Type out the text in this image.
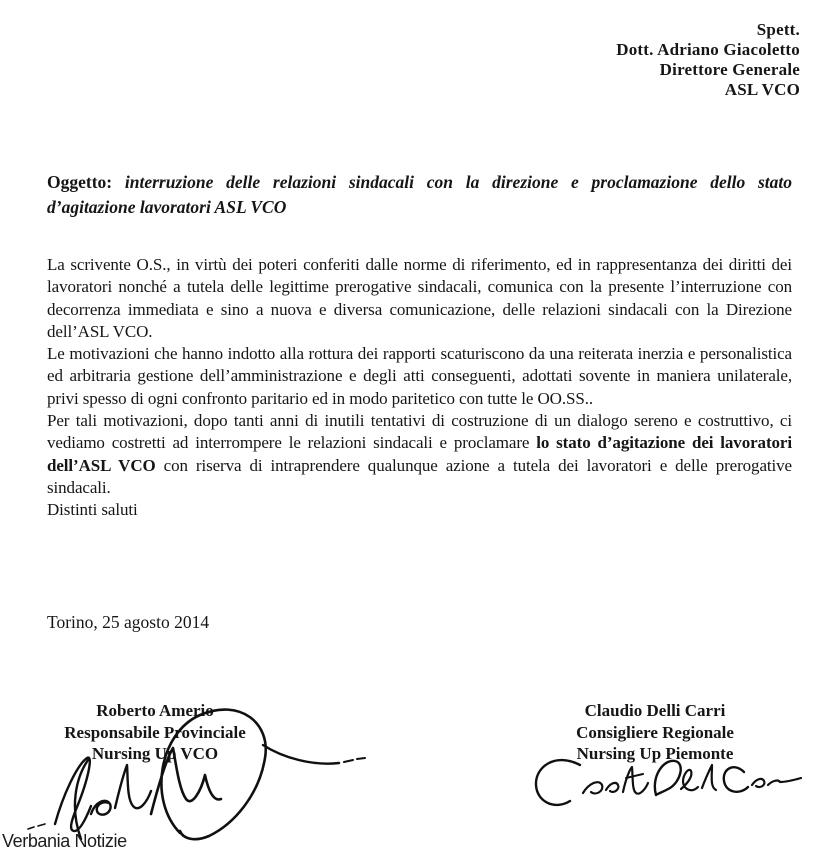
Spett.
Dott. Adriano Giacoletto
Direttore Generale
ASL VCO

Oggetto: interruzione delle relazioni sindacali con la direzione e proclamazione dello stato d’agitazione lavoratori ASL VCO

La scrivente O.S., in virtù dei poteri conferiti dalle norme di riferimento, ed in rappresentanza dei diritti dei lavoratori nonché a tutela delle legittime prerogative sindacali, comunica con la presente l’interruzione con decorrenza immediata e sino a nuova e diversa comunicazione, delle relazioni sindacali con la Direzione dell’ASL VCO.

Le motivazioni che hanno indotto alla rottura dei rapporti scaturiscono da una reiterata inerzia e personalistica ed arbitraria gestione dell’amministrazione e degli atti conseguenti, adottati sovente in maniera unilaterale, privi spesso di ogni confronto paritario ed in modo paritetico con tutte le OO.SS..

Per tali motivazioni, dopo tanti anni di inutili tentativi di costruzione di un dialogo sereno e costruttivo, ci vediamo costretti ad interrompere le relazioni sindacali e proclamare lo stato d’agitazione dei lavoratori dell’ASL VCO con riserva di intraprendere qualunque azione a tutela dei lavoratori e delle prerogative sindacali.

Distinti saluti

Torino, 25 agosto 2014
Roberto Amerio
Responsabile Provinciale
Nursing Up VCO
Claudio Delli Carri
Consigliere Regionale
Nursing Up Piemonte
Verbania Notizie
